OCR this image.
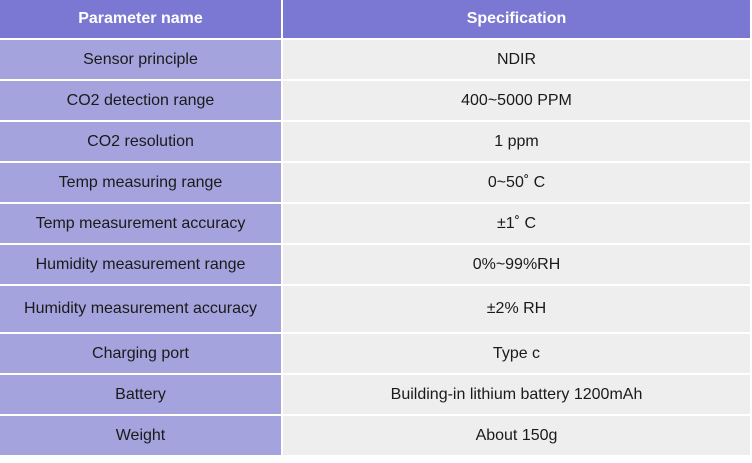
Parameter name	Specification
Sensor principle	NDIR
CO2 detection range	400~5000 PPM
CO2 resolution	1 ppm
Temp measuring range	0~50˚ C
Temp measurement accuracy	±1˚ C
Humidity measurement range	0%~99%RH
Humidity measurement accuracy	±2% RH
Charging port	Type c
Battery	Building-in lithium battery 1200mAh
Weight	About 150g
